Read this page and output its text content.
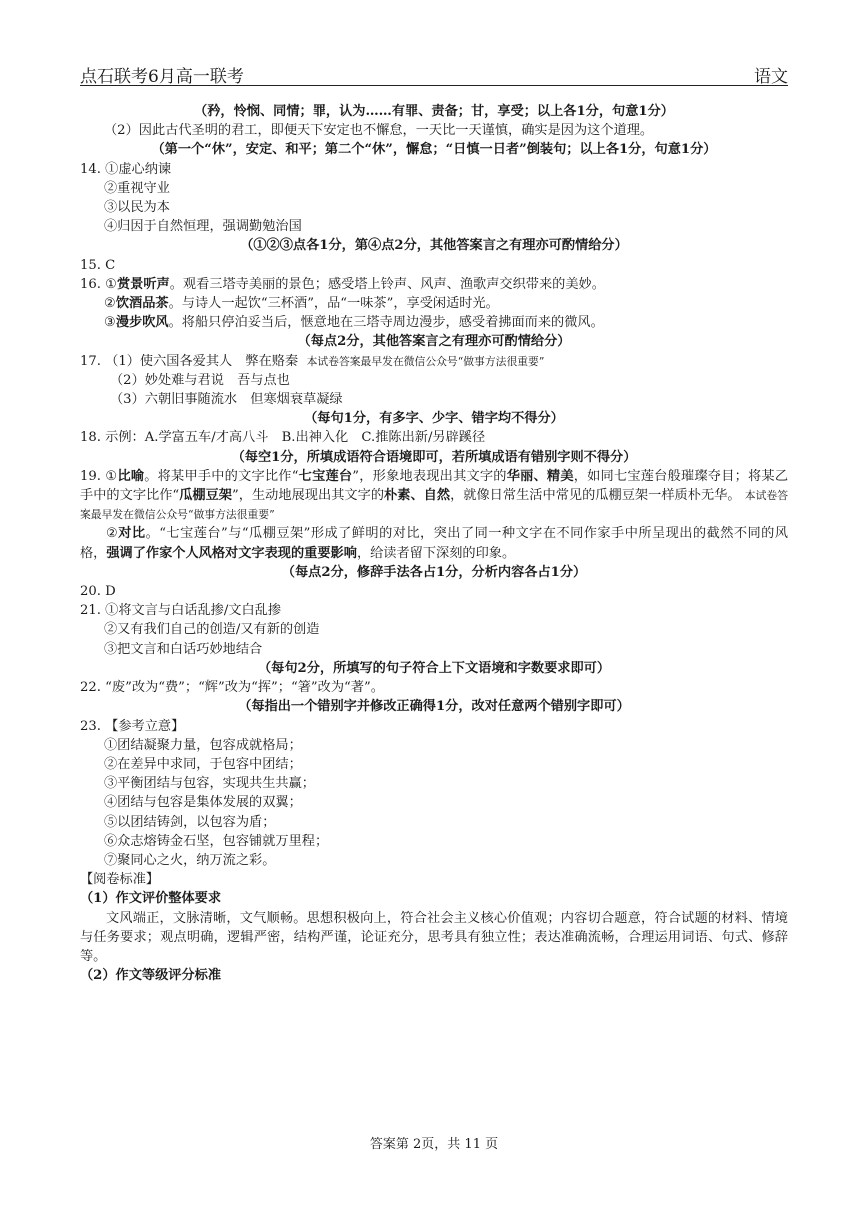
点石联考6月高一联考	语文
（矜，怜悯、同情；罪，认为……有罪、责备；甘，享受；以上各1分，句意1分）
（2）因此古代圣明的君工，即便天下安定也不懈怠，一天比一天谨慎，确实是因为这个道理。
（第一个“休”，安定、和平；第二个“休”，懈怠；“日慎一日者”倒装句；以上各1分，句意1分）
14. ①虚心纳谏
②重视守业
③以民为本
④归因于自然恒理，强调勤勉治国
（①②③点各1分，第④点2分，其他答案言之有理亦可酌情给分）
15. C
16. ①赏景听声。观看三塔寺美丽的景色；感受塔上铃声、风声、渔歌声交织带来的美妙。
②饮酒品茶。与诗人一起饮“三杯酒”，品“一味茶”，享受闲适时光。
③漫步吹风。将船只停泊妥当后，惬意地在三塔寺周边漫步，感受着拂面而来的微风。
（每点2分，其他答案言之有理亦可酌情给分）
17. （1）使六国各爱其人　弊在赂秦 本试卷答案最早发在微信公众号“做事方法很重要”
（2）妙处难与君说　吾与点也
（3）六朝旧事随流水　但寒烟衰草凝绿
（每句1分，有多字、少字、错字均不得分）
18. 示例：A.学富五车/才高八斗　B.出神入化　C.推陈出新/另辟蹊径
（每空1分，所填成语符合语境即可，若所填成语有错别字则不得分）
19. ①比喻。将某甲手中的文字比作“七宝莲台”，形象地表现出其文字的华丽、精美，如同七宝莲台般璀璨夺目；将某乙手中的文字比作“瓜棚豆架”，生动地展现出其文字的朴素、自然，就像日常生活中常见的瓜棚豆架一样质朴无华。 本试卷答案最早发在微信公众号“做事方法很重要”
②对比。“七宝莲台”与“瓜棚豆架”形成了鲜明的对比，突出了同一种文字在不同作家手中所呈现出的截然不同的风格，强调了作家个人风格对文字表现的重要影响，给读者留下深刻的印象。
（每点2分，修辞手法各占1分，分析内容各占1分）
20. D
21. ①将文言与白话乱掺/文白乱掺
②又有我们自己的创造/又有新的创造
③把文言和白话巧妙地结合
（每句2分，所填写的句子符合上下文语境和字数要求即可）
22. “废”改为“费”；“辉”改为“挥”；“箸”改为“著”。
（每指出一个错别字并修改正确得1分，改对任意两个错别字即可）
23. 【参考立意】
①团结凝聚力量，包容成就格局；
②在差异中求同，于包容中团结；
③平衡团结与包容，实现共生共赢；
④团结与包容是集体发展的双翼；
⑤以团结铸剑，以包容为盾；
⑥众志熔铸金石坚，包容铺就万里程；
⑦聚同心之火，纳万流之彩。
【阅卷标准】
（1）作文评价整体要求
文风端正，文脉清晰，文气顺畅。思想积极向上，符合社会主义核心价值观；内容切合题意，符合试题的材料、情境与任务要求；观点明确，逻辑严密，结构严谨，论证充分，思考具有独立性；表达准确流畅，合理运用词语、句式、修辞等。
（2）作文等级评分标准
答案第 2页，共 11 页
